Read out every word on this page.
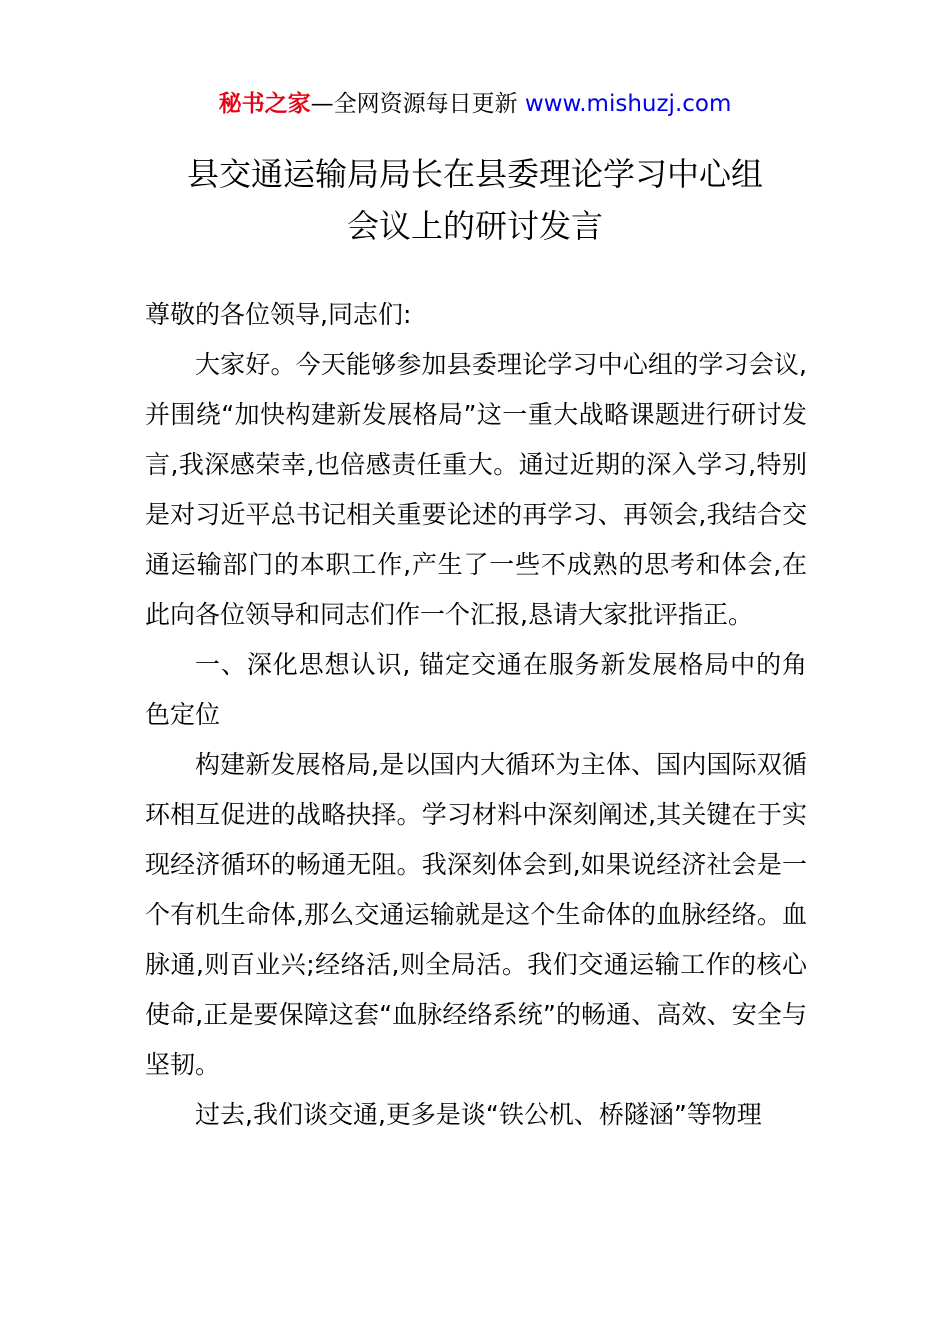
秘书之家—全网资源每日更新 www.mishuzj.com
县交通运输局局长在县委理论学习中心组
会议上的研讨发言

尊敬的各位领导,同志们:

大家好。今天能够参加县委理论学习中心组的学习会议,并围绕“加快构建新发展格局”这一重大战略课题进行研讨发言,我深感荣幸,也倍感责任重大。通过近期的深入学习,特别是对习近平总书记相关重要论述的再学习、再领会,我结合交通运输部门的本职工作,产生了一些不成熟的思考和体会,在此向各位领导和同志们作一个汇报,恳请大家批评指正。

一、深化思想认识, 锚定交通在服务新发展格局中的角色定位

构建新发展格局,是以国内大循环为主体、国内国际双循环相互促进的战略抉择。学习材料中深刻阐述,其关键在于实现经济循环的畅通无阻。我深刻体会到,如果说经济社会是一个有机生命体,那么交通运输就是这个生命体的血脉经络。血脉通,则百业兴;经络活,则全局活。我们交通运输工作的核心使命,正是要保障这套“血脉经络系统”的畅通、高效、安全与坚韧。

过去,我们谈交通,更多是谈“铁公机、桥隧涵”等物理
